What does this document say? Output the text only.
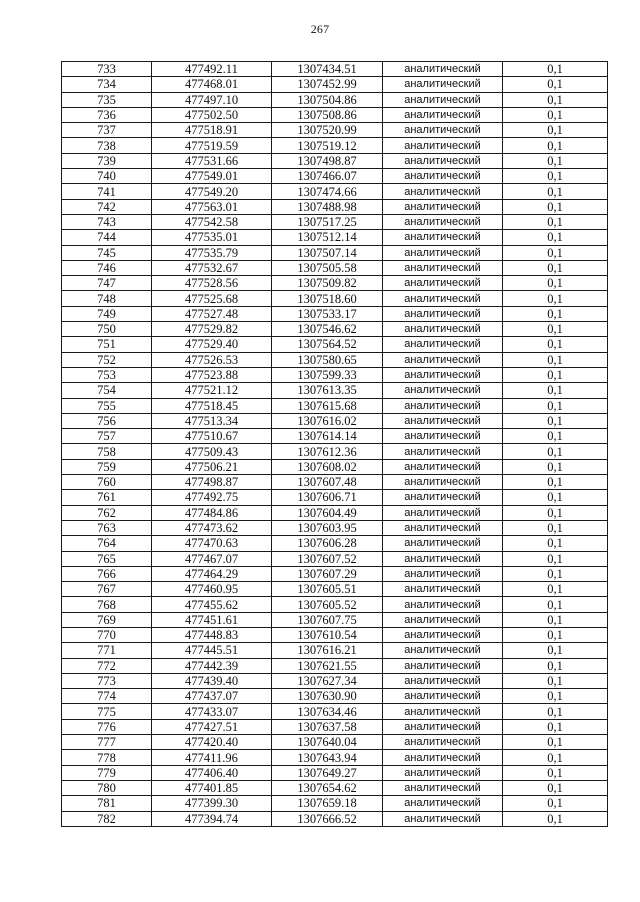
267
733	477492.11	1307434.51	аналитический	0,1
734	477468.01	1307452.99	аналитический	0,1
735	477497.10	1307504.86	аналитический	0,1
736	477502.50	1307508.86	аналитический	0,1
737	477518.91	1307520.99	аналитический	0,1
738	477519.59	1307519.12	аналитический	0,1
739	477531.66	1307498.87	аналитический	0,1
740	477549.01	1307466.07	аналитический	0,1
741	477549.20	1307474.66	аналитический	0,1
742	477563.01	1307488.98	аналитический	0,1
743	477542.58	1307517.25	аналитический	0,1
744	477535.01	1307512.14	аналитический	0,1
745	477535.79	1307507.14	аналитический	0,1
746	477532.67	1307505.58	аналитический	0,1
747	477528.56	1307509.82	аналитический	0,1
748	477525.68	1307518.60	аналитический	0,1
749	477527.48	1307533.17	аналитический	0,1
750	477529.82	1307546.62	аналитический	0,1
751	477529.40	1307564.52	аналитический	0,1
752	477526.53	1307580.65	аналитический	0,1
753	477523.88	1307599.33	аналитический	0,1
754	477521.12	1307613.35	аналитический	0,1
755	477518.45	1307615.68	аналитический	0,1
756	477513.34	1307616.02	аналитический	0,1
757	477510.67	1307614.14	аналитический	0,1
758	477509.43	1307612.36	аналитический	0,1
759	477506.21	1307608.02	аналитический	0,1
760	477498.87	1307607.48	аналитический	0,1
761	477492.75	1307606.71	аналитический	0,1
762	477484.86	1307604.49	аналитический	0,1
763	477473.62	1307603.95	аналитический	0,1
764	477470.63	1307606.28	аналитический	0,1
765	477467.07	1307607.52	аналитический	0,1
766	477464.29	1307607.29	аналитический	0,1
767	477460.95	1307605.51	аналитический	0,1
768	477455.62	1307605.52	аналитический	0,1
769	477451.61	1307607.75	аналитический	0,1
770	477448.83	1307610.54	аналитический	0,1
771	477445.51	1307616.21	аналитический	0,1
772	477442.39	1307621.55	аналитический	0,1
773	477439.40	1307627.34	аналитический	0,1
774	477437.07	1307630.90	аналитический	0,1
775	477433.07	1307634.46	аналитический	0,1
776	477427.51	1307637.58	аналитический	0,1
777	477420.40	1307640.04	аналитический	0,1
778	477411.96	1307643.94	аналитический	0,1
779	477406.40	1307649.27	аналитический	0,1
780	477401.85	1307654.62	аналитический	0,1
781	477399.30	1307659.18	аналитический	0,1
782	477394.74	1307666.52	аналитический	0,1
